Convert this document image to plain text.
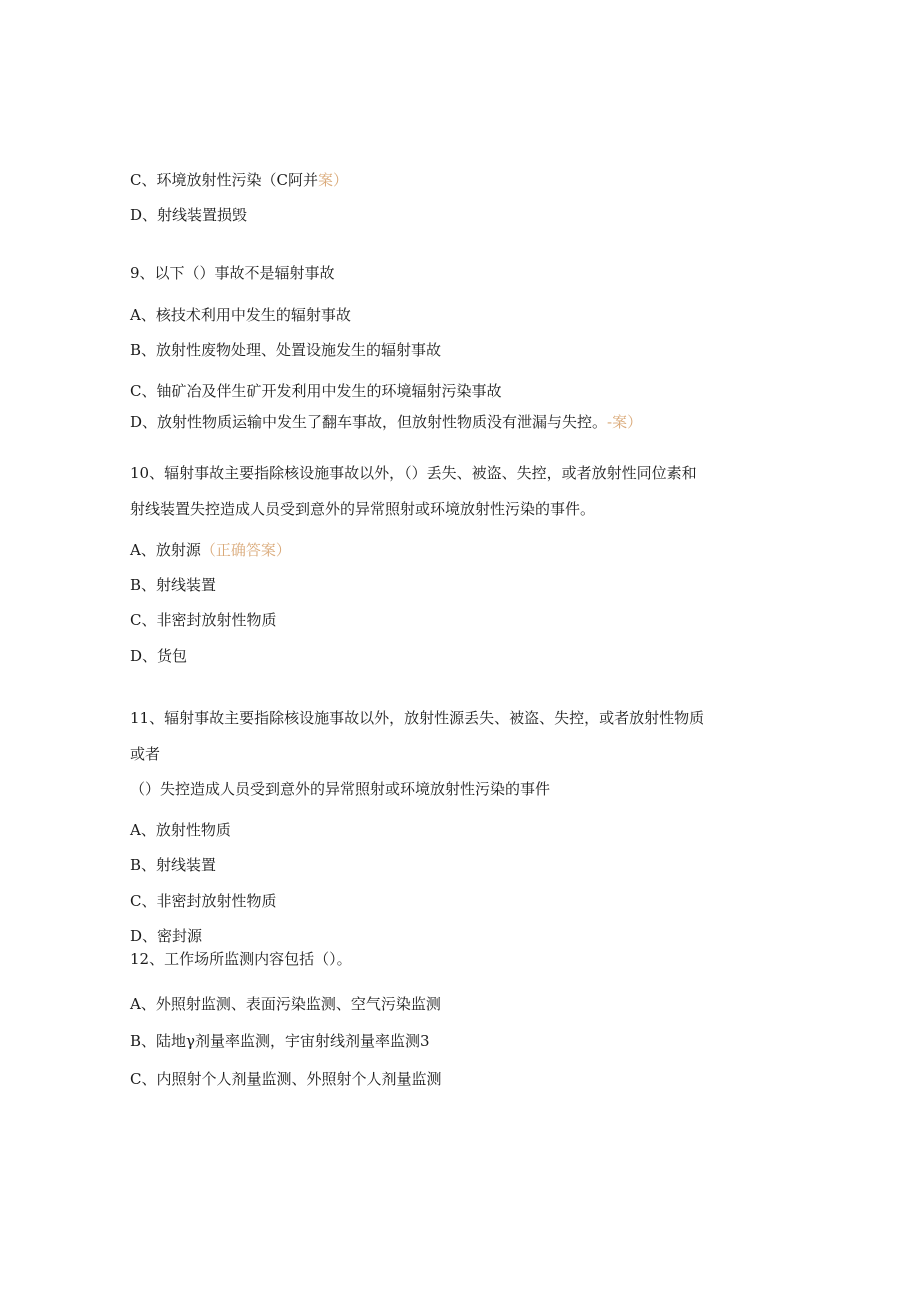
C、环境放射性污染（C阿并案）
D、射线装置损毁
9、以下（）事故不是辐射事故
A、核技术利用中发生的辐射事故
B、放射性废物处理、处置设施发生的辐射事故
C、铀矿冶及伴生矿开发利用中发生的环境辐射污染事故
D、放射性物质运输中发生了翻车事故，但放射性物质没有泄漏与失控。-案）
10、辐射事故主要指除核设施事故以外，（）丢失、被盗、失控，或者放射性同位素和
射线装置失控造成人员受到意外的异常照射或环境放射性污染的事件。
A、放射源（正确答案）
B、射线装置
C、非密封放射性物质
D、货包
11、辐射事故主要指除核设施事故以外，放射性源丢失、被盗、失控，或者放射性物质
或者
（）失控造成人员受到意外的异常照射或环境放射性污染的事件
A、放射性物质
B、射线装置
C、非密封放射性物质
D、密封源
12、工作场所监测内容包括（）。
A、外照射监测、表面污染监测、空气污染监测
B、陆地γ剂量率监测，宇宙射线剂量率监测3
C、内照射个人剂量监测、外照射个人剂量监测
